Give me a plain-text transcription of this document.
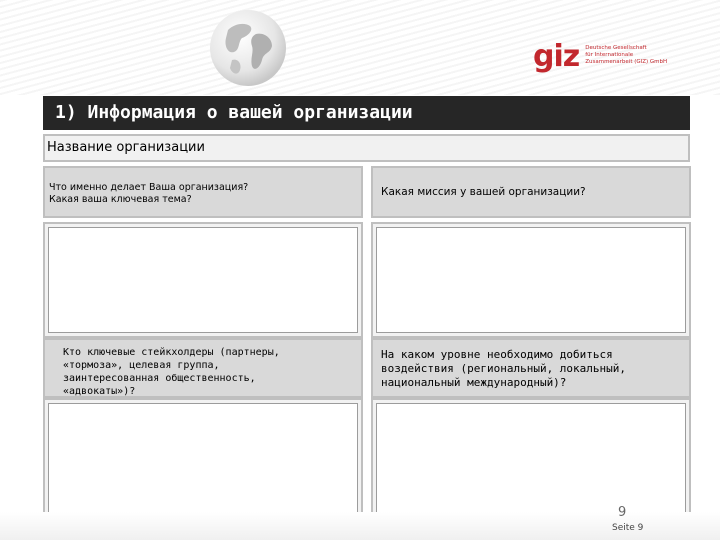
giz Deutsche Gesellschaft
für Internationale
Zusammenarbeit (GIZ) GmbH
1) Информация о вашей организации
Название организации
Что именно делает Ваша организация?
Какая ваша ключевая тема?
Какая миссия у вашей организации?
Кто ключевые стейкхолдеры (партнеры,
«тормоза», целевая группа,
заинтересованная общественность,
«адвокаты»)?
На каком уровне необходимо добиться
воздействия (региональный, локальный,
национальный международный)?
9
Seite 9
